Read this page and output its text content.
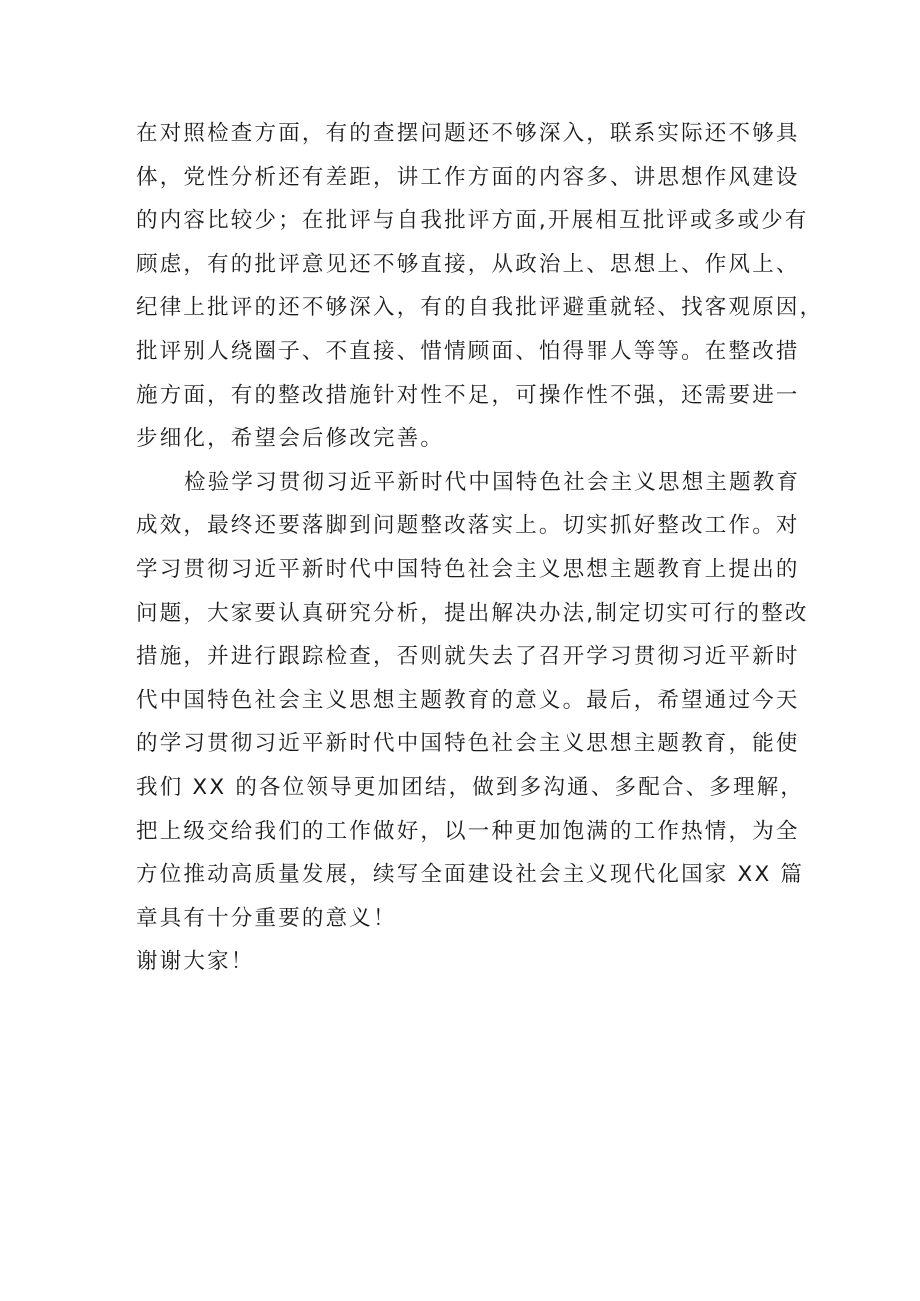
在对照检查方面，有的查摆问题还不够深入，联系实际还不够具
体，党性分析还有差距，讲工作方面的内容多、讲思想作风建设
的内容比较少；在批评与自我批评方面,开展相互批评或多或少有
顾虑，有的批评意见还不够直接，从政治上、思想上、作风上、
纪律上批评的还不够深入，有的自我批评避重就轻、找客观原因，
批评别人绕圈子、不直接、惜情顾面、怕得罪人等等。在整改措
施方面，有的整改措施针对性不足，可操作性不强，还需要进一
步细化，希望会后修改完善。
检验学习贯彻习近平新时代中国特色社会主义思想主题教育
成效，最终还要落脚到问题整改落实上。切实抓好整改工作。对
学习贯彻习近平新时代中国特色社会主义思想主题教育上提出的
问题，大家要认真研究分析，提出解决办法,制定切实可行的整改
措施，并进行跟踪检查，否则就失去了召开学习贯彻习近平新时
代中国特色社会主义思想主题教育的意义。最后，希望通过今天
的学习贯彻习近平新时代中国特色社会主义思想主题教育，能使
我们 XX 的各位领导更加团结，做到多沟通、多配合、多理解，
把上级交给我们的工作做好，以一种更加饱满的工作热情，为全
方位推动高质量发展，续写全面建设社会主义现代化国家 XX 篇
章具有十分重要的意义！
谢谢大家！
